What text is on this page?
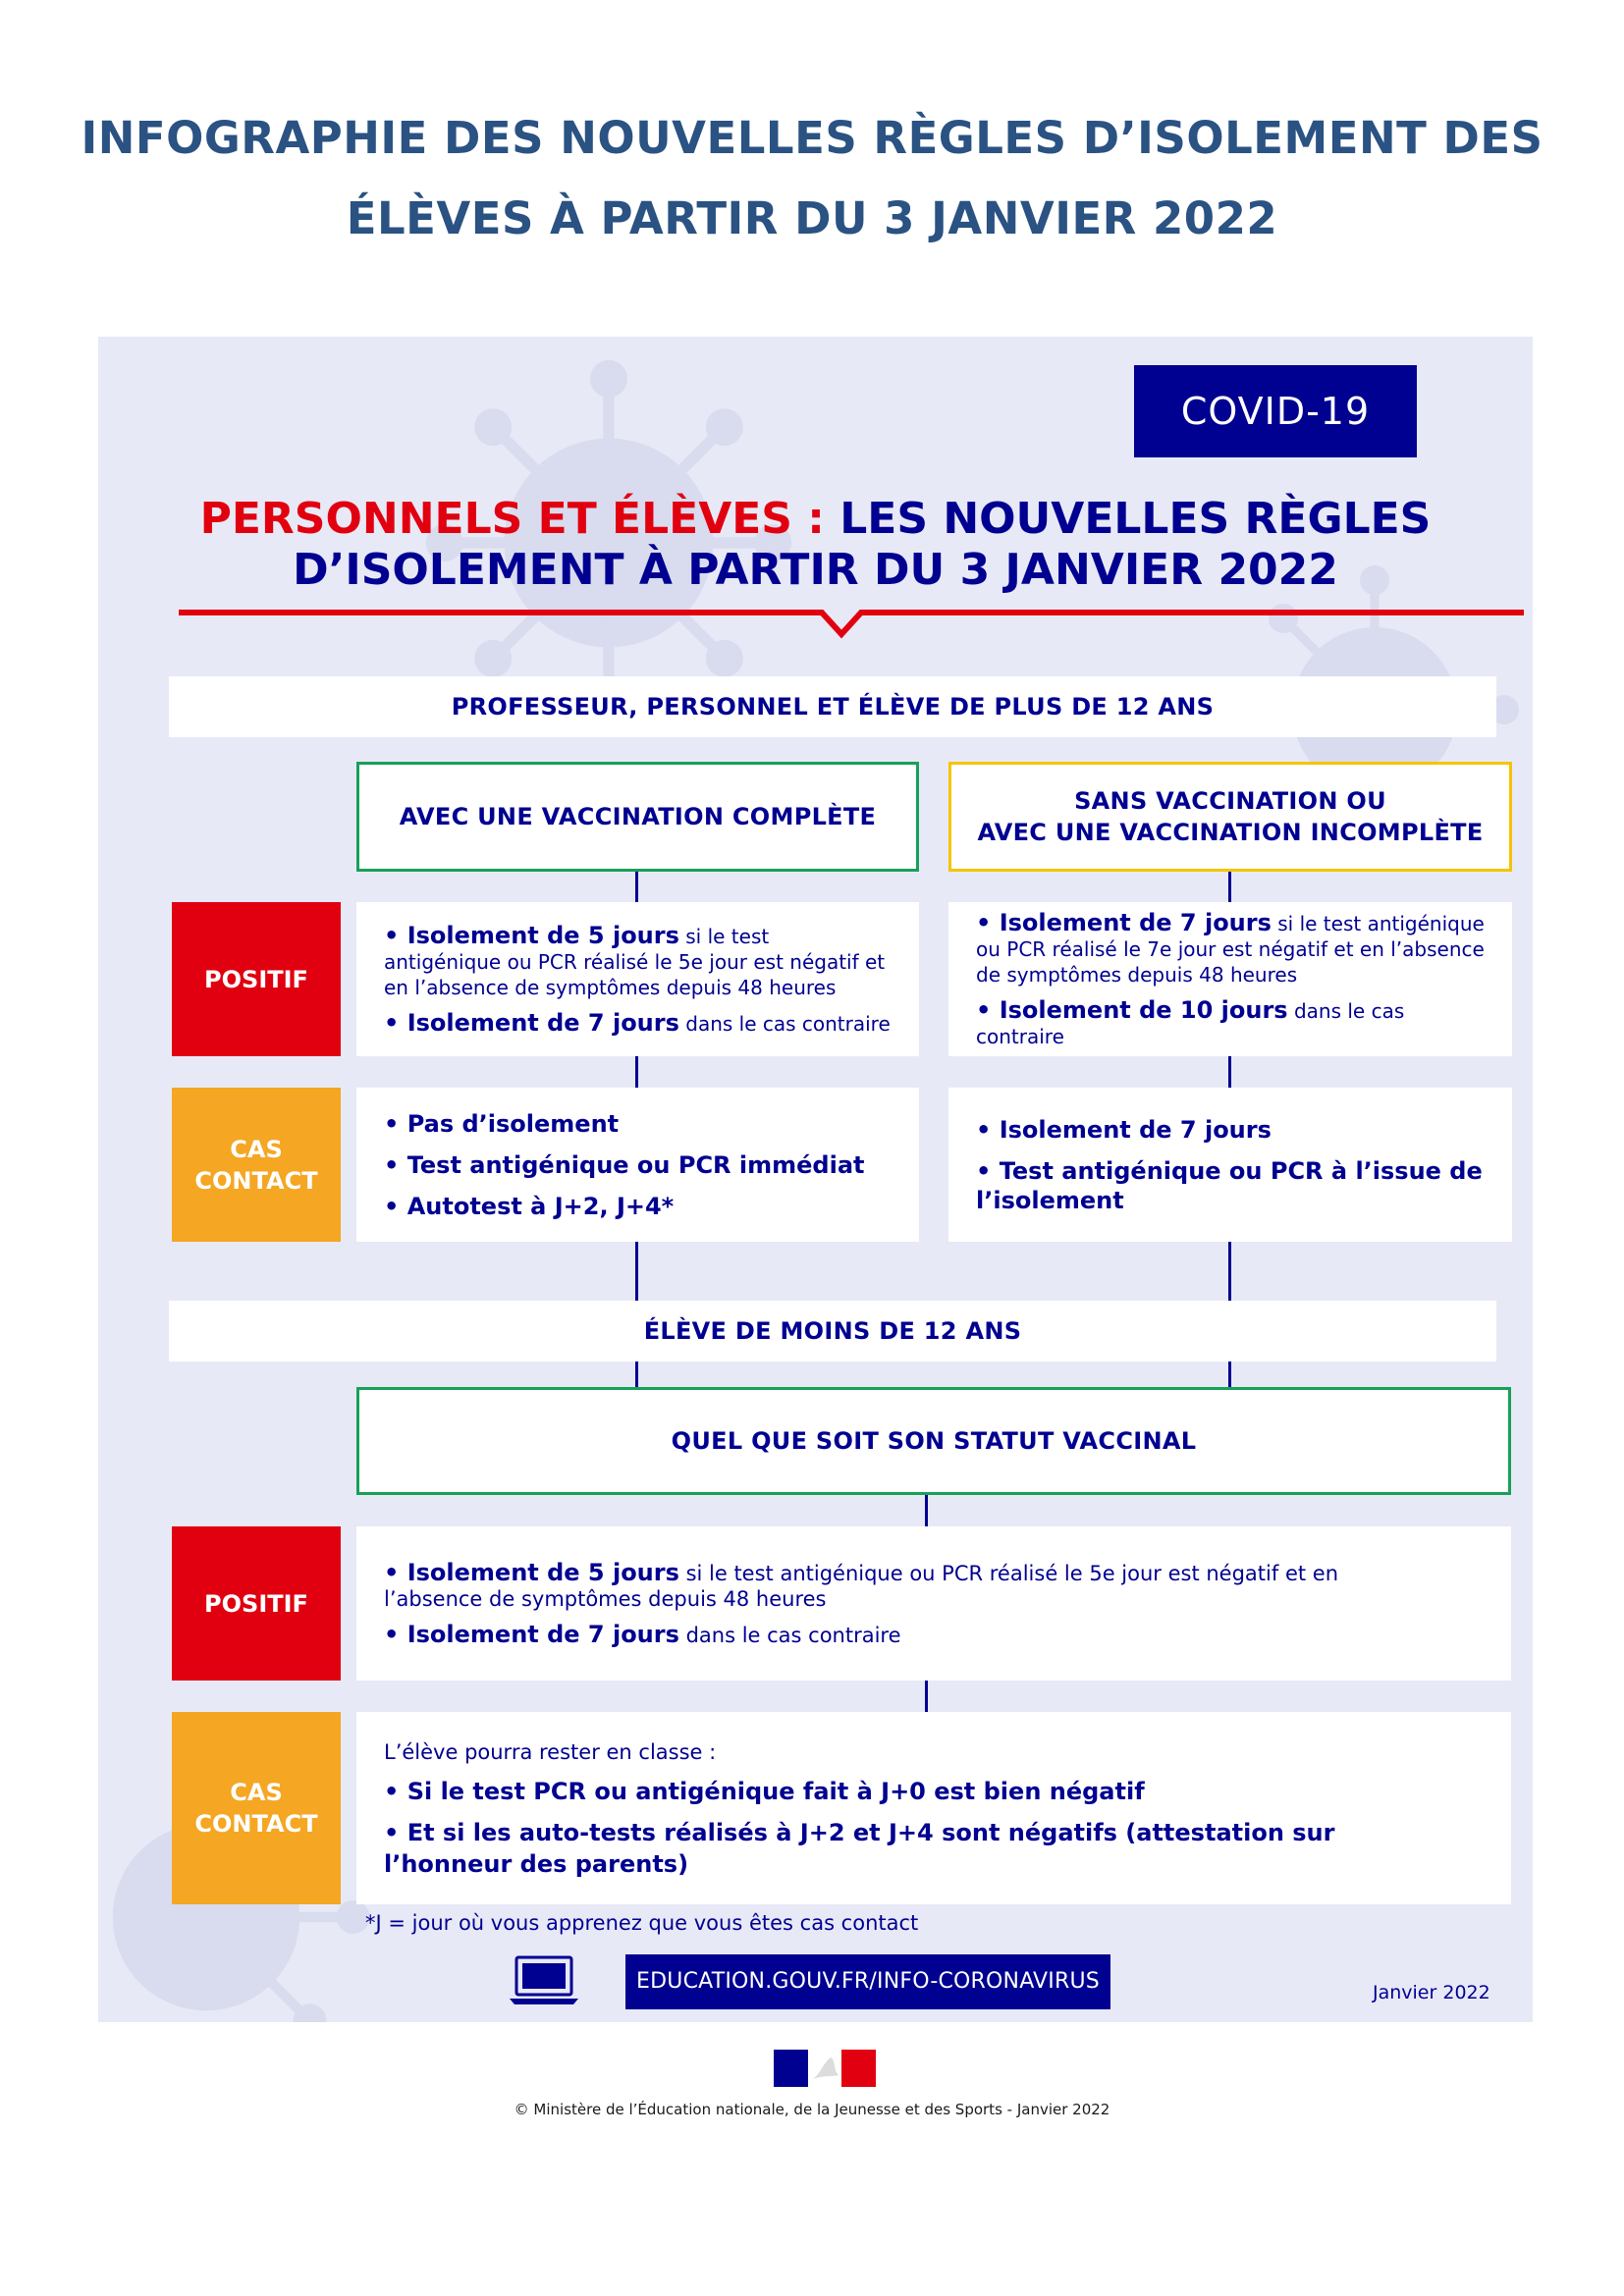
INFOGRAPHIE DES NOUVELLES RÈGLES D’ISOLEMENT DES
ÉLÈVES À PARTIR DU 3 JANVIER 2022
COVID-19
PERSONNELS ET ÉLÈVES : LES NOUVELLES RÈGLES
D’ISOLEMENT À PARTIR DU 3 JANVIER 2022
PROFESSEUR, PERSONNEL ET ÉLÈVE DE PLUS DE 12 ANS
AVEC UNE VACCINATION COMPLÈTE
SANS VACCINATION OU
AVEC UNE VACCINATION INCOMPLÈTE
POSITIF

• Isolement de 5 jours si le test antigénique ou PCR réalisé le 5e jour est négatif et en l’absence de symptômes depuis 48 heures

• Isolement de 7 jours dans le cas contraire

• Isolement de 7 jours si le test antigénique ou PCR réalisé le 7e jour est négatif et en l’absence de symptômes depuis 48 heures

• Isolement de 10 jours dans le cas contraire

CAS
CONTACT

• Pas d’isolement

• Test antigénique ou PCR immédiat

• Autotest à J+2, J+4*

• Isolement de 7 jours

• Test antigénique ou PCR à l’issue de l’isolement

ÉLÈVE DE MOINS DE 12 ANS
QUEL QUE SOIT SON STATUT VACCINAL
POSITIF

• Isolement de 5 jours si le test antigénique ou PCR réalisé le 5e jour est négatif et en l’absence de symptômes depuis 48 heures

• Isolement de 7 jours dans le cas contraire

CAS
CONTACT

L’élève pourra rester en classe :

• Si le test PCR ou antigénique fait à J+0 est bien négatif

• Et si les auto-tests réalisés à J+2 et J+4 sont négatifs (attestation sur l’honneur des parents)

*J = jour où vous apprenez que vous êtes cas contact
EDUCATION.GOUV.FR/INFO-CORONAVIRUS	Janvier 2022
© Ministère de l’Éducation nationale, de la Jeunesse et des Sports - Janvier 2022
